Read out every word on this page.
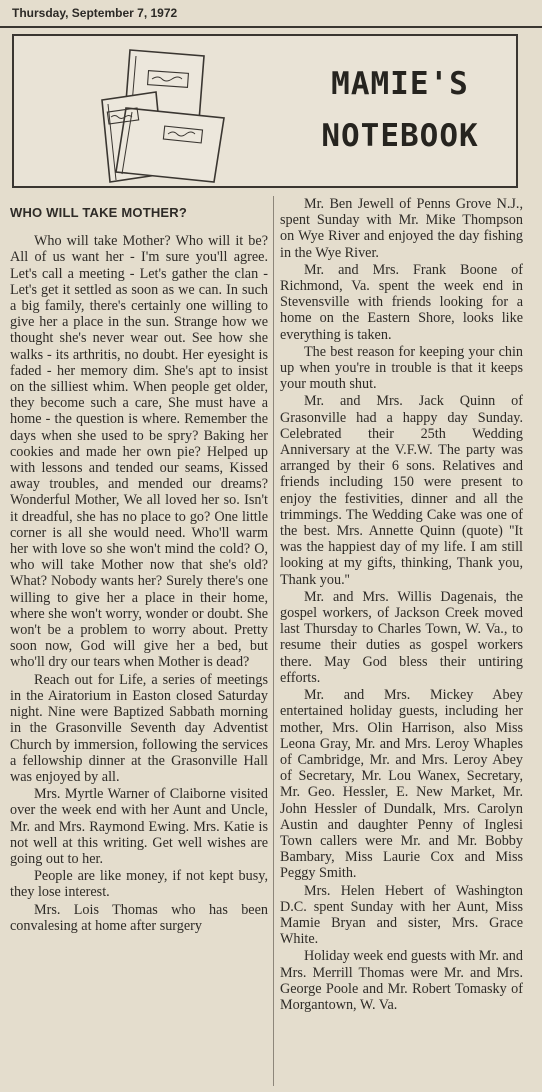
Thursday, September 7, 1972
MAMIE'S
NOTEBOOK
WHO WILL TAKE MOTHER?

Who will take Mother? Who will it be? All of us want her - I'm sure you'll agree. Let's call a meeting - Let's gather the clan - Let's get it settled as soon as we can. In such a big family, there's certainly one willing to give her a place in the sun. Strange how we thought she's never wear out. See how she walks - its arthritis, no doubt. Her eyesight is faded - her memory dim. She's apt to insist on the silliest whim. When people get older, they become such a care, She must have a home - the question is where. Remember the days when she used to be spry? Baking her cookies and made her own pie? Helped up with lessons and tended our seams, Kissed away troubles, and mended our dreams? Wonderful Mother, We all loved her so. Isn't it dreadful, she has no place to go? One little corner is all she would need. Who'll warm her with love so she won't mind the cold? O, who will take Mother now that she's old? What? Nobody wants her? Surely there's one willing to give her a place in their home, where she won't worry, wonder or doubt. She won't be a problem to worry about. Pretty soon now, God will give her a bed, but who'll dry our tears when Mother is dead?

Reach out for Life, a series of meetings in the Airatorium in Easton closed Saturday night. Nine were Baptized Sabbath morning in the Grasonville Seventh day Adventist Church by immersion, following the services a fellowship dinner at the Grasonville Hall was enjoyed by all.

Mrs. Myrtle Warner of Claiborne visited over the week end with her Aunt and Uncle, Mr. and Mrs. Raymond Ewing. Mrs. Katie is not well at this writing. Get well wishes are going out to her.

People are like money, if not kept busy, they lose interest.

Mrs. Lois Thomas who has been convalesing at home after surgery

Mr. Ben Jewell of Penns Grove N.J., spent Sunday with Mr. Mike Thompson on Wye River and enjoyed the day fishing in the Wye River.

Mr. and Mrs. Frank Boone of Richmond, Va. spent the week end in Stevensville with friends looking for a home on the Eastern Shore, looks like everything is taken.

The best reason for keeping your chin up when you're in trouble is that it keeps your mouth shut.

Mr. and Mrs. Jack Quinn of Grasonville had a happy day Sunday. Celebrated their 25th Wedding Anniversary at the V.F.W. The party was arranged by their 6 sons. Relatives and friends including 150 were present to enjoy the festivities, dinner and all the trimmings. The Wedding Cake was one of the best. Mrs. Annette Quinn (quote) ''It was the happiest day of my life. I am still looking at my gifts, thinking, Thank you, Thank you.''

Mr. and Mrs. Willis Dagenais, the gospel workers, of Jackson Creek moved last Thursday to Charles Town, W. Va., to resume their duties as gospel workers there. May God bless their untiring efforts.

Mr. and Mrs. Mickey Abey entertained holiday guests, including her mother, Mrs. Olin Harrison, also Miss Leona Gray, Mr. and Mrs. Leroy Whaples of Cambridge, Mr. and Mrs. Leroy Abey of Secretary, Mr. Lou Wanex, Secretary, Mr. Geo. Hessler, E. New Market, Mr. John Hessler of Dundalk, Mrs. Carolyn Austin and daughter Penny of Inglesi Town callers were Mr. and Mr. Bobby Bambary, Miss Laurie Cox and Miss Peggy Smith.

Mrs. Helen Hebert of Washington D.C. spent Sunday with her Aunt, Miss Mamie Bryan and sister, Mrs. Grace White.

Holiday week end guests with Mr. and Mrs. Merrill Thomas were Mr. and Mrs. George Poole and Mr. Robert Tomasky of Morgantown, W. Va.
